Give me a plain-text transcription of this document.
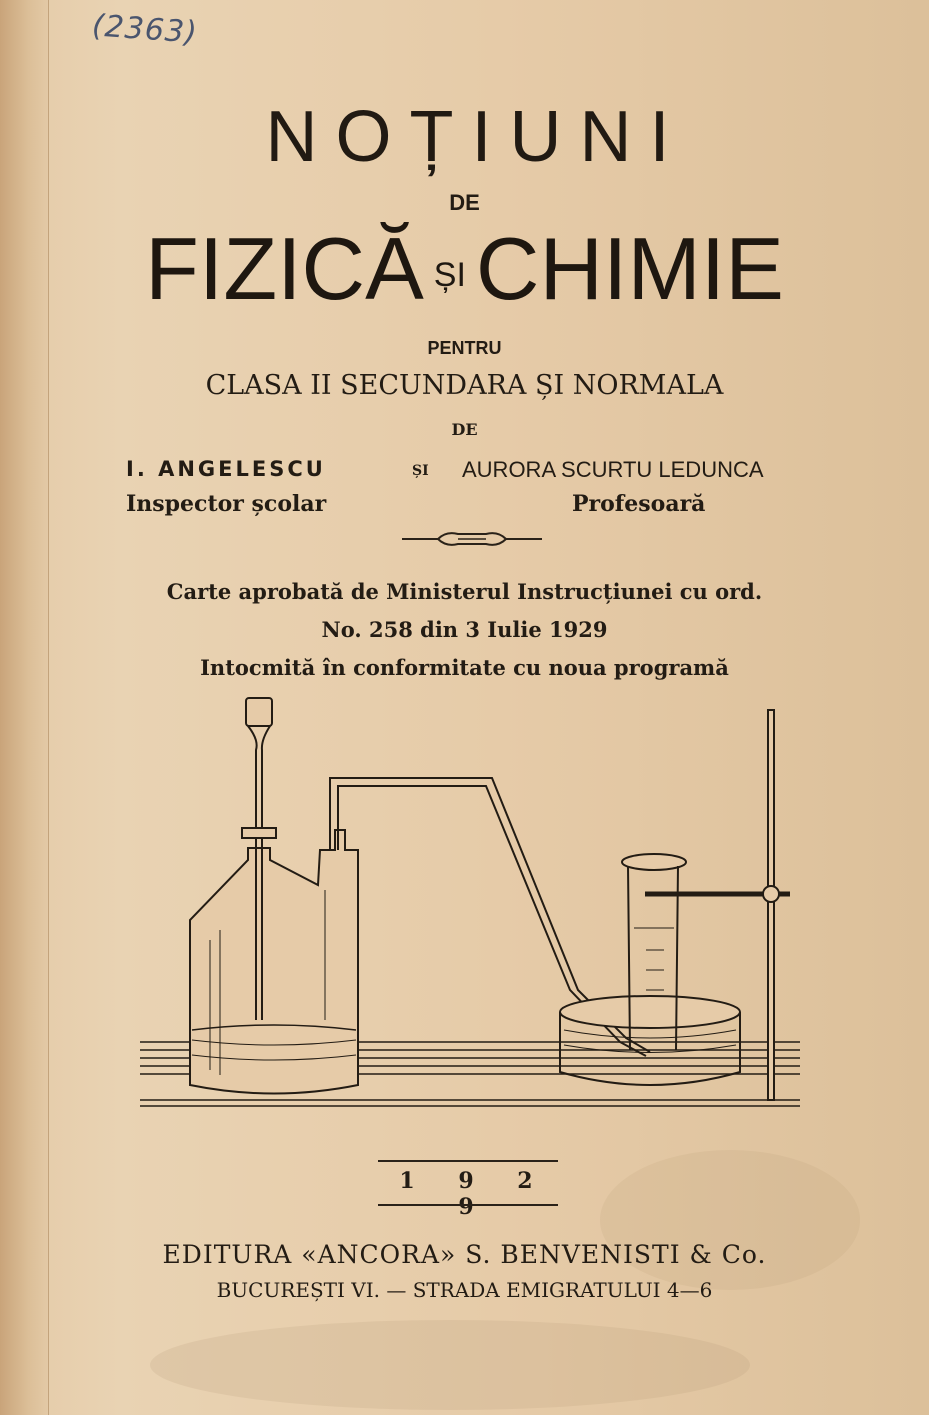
(2363)
NOȚIUNI
DE
FIZICĂ ȘI CHIMIE
PENTRU
CLASA II SECUNDARA ȘI NORMALA
DE
I. ANGELESCU
Inspector școlar
ȘI AURORA SCURTU LEDUNCA
Profesoară
Carte aprobată de Ministerul Instrucțiunei cu ord.
No. 258 din 3 Iulie 1929
Intocmită în conformitate cu noua programă
1 9 2 9
EDITURA «ANCORA» S. BENVENISTI & Co.
BUCUREȘTI VI. — STRADA EMIGRATULUI 4—6
